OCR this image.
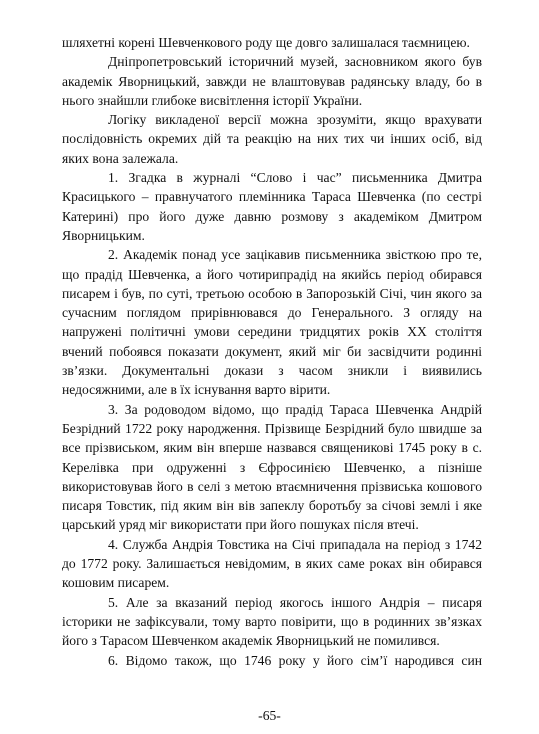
шляхетні корені Шевченкового роду ще довго залишалася таємницею.

Дніпропетровський історичний музей, засновником якого був академік Яворницький, завжди не влаштовував радянську владу, бо в нього знайшли глибоке висвітлення історії України.

Логіку викладеної версії можна зрозуміти, якщо врахувати послідовність окремих дій та реакцію на них тих чи інших осіб, від яких вона залежала.

1. Згадка в журналі “Слово і час” письменника Дмитра Красицького – правнучатого племінника Тараса Шевченка (по сестрі Катерині) про його дуже давню розмову з академіком Дмитром Яворницьким.

2. Академік понад усе зацікавив письменника звісткою про те, що прадід Шевченка, а його чотирипрадід на якийсь період обирався писарем і був, по суті, третьою особою в Запорозькій Січі, чин якого за сучасним поглядом прирівнювався до Генерального. З огляду на напружені політичні умови середини тридцятих років ХХ століття вчений побоявся показати документ, який міг би засвідчити родинні зв’язки. Документальні докази з часом зникли і виявились недосяжними, але в їх існування варто вірити.

3. За родоводом відомо, що прадід Тараса Шевченка Андрій Безрідний 1722 року народження. Прізвище Безрідний було швидше за все прізвиськом, яким він вперше назвався священикові 1745 року в с. Керелівка при одруженні з Єфросинією Шевченко, а пізніше використовував його в селі з метою втаємничення прізвиська кошового писаря Товстик, під яким він вів запеклу боротьбу за січові землі і яке царський уряд міг використати при його пошуках після втечі.

4. Служба Андрія Товстика на Січі припадала на період з 1742 до 1772 року. Залишається невідомим, в яких саме роках він обирався кошовим писарем.

5. Але за вказаний період якогось іншого Андрія – писаря історики не зафіксували, тому варто повірити, що в родинних зв’язках його з Тарасом Шевченком академік Яворницький не помилився.

6. Відомо також, що 1746 року у його сім’ї народився син

-65-
